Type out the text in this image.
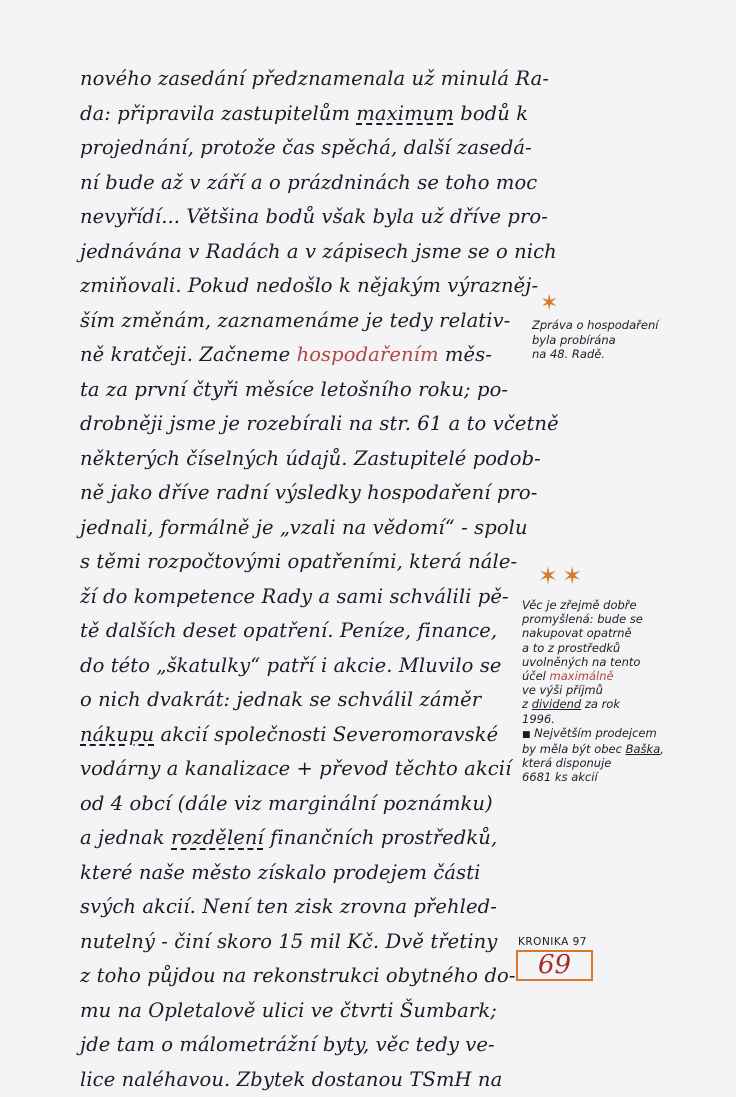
nového zasedání předznamenala už minulá Ra-
da: připravila zastupitelům maximum bodů k
projednání, protože čas spěchá, další zasedá-
ní bude až v září a o prázdninách se toho moc
nevyřídí... Většina bodů však byla už dříve pro-
jednávána v Radách a v zápisech jsme se o nich
zmiňovali. Pokud nedošlo k nějakým výrazněj-
ším změnám, zaznamenáme je tedy relativ-
ně kratčeji. Začneme hospodařením měs-
ta za první čtyři měsíce letošního roku; po-
drobněji jsme je rozebírali na str. 61 a to včetně
některých číselných údajů. Zastupitelé podob-
ně jako dříve radní výsledky hospodaření pro-
jednali, formálně je „vzali na vědomí“ - spolu
s těmi rozpočtovými opatřeními, která nále-
ží do kompetence Rady a sami schválili pě-
tě dalších deset opatření. Peníze, finance,
do této „škatulky“ patří i akcie. Mluvilo se
o nich dvakrát: jednak se schválil záměr
nákupu akcií společnosti Severomoravské
vodárny a kanalizace + převod těchto akcií
od 4 obcí (dále viz marginální poznámku)
a jednak rozdělení finančních prostředků,
které naše město získalo prodejem části
svých akcií. Není ten zisk zrovna přehled-
nutelný - činí skoro 15 mil Kč. Dvě třetiny
z toho půjdou na rekonstrukci obytného do-
mu na Opletalově ulici ve čtvrti Šumbark;
jde tam o málometrážní byty, věc tedy ve-
lice naléhavou. Zbytek dostanou TSmH na
✶
Zpráva o hospodaření
byla probírána
na 48. Radě.
✶✶
Věc je zřejmě dobře
promyšlená: bude se
nakupovat opatrně
a to z prostředků
uvolněných na tento
účel maximálně
ve výši příjmů
z dividend za rok
1996.
■ Největším prodejcem
by měla být obec Baška,
která disponuje
6681 ks akcií
KRONIKA 97
69
